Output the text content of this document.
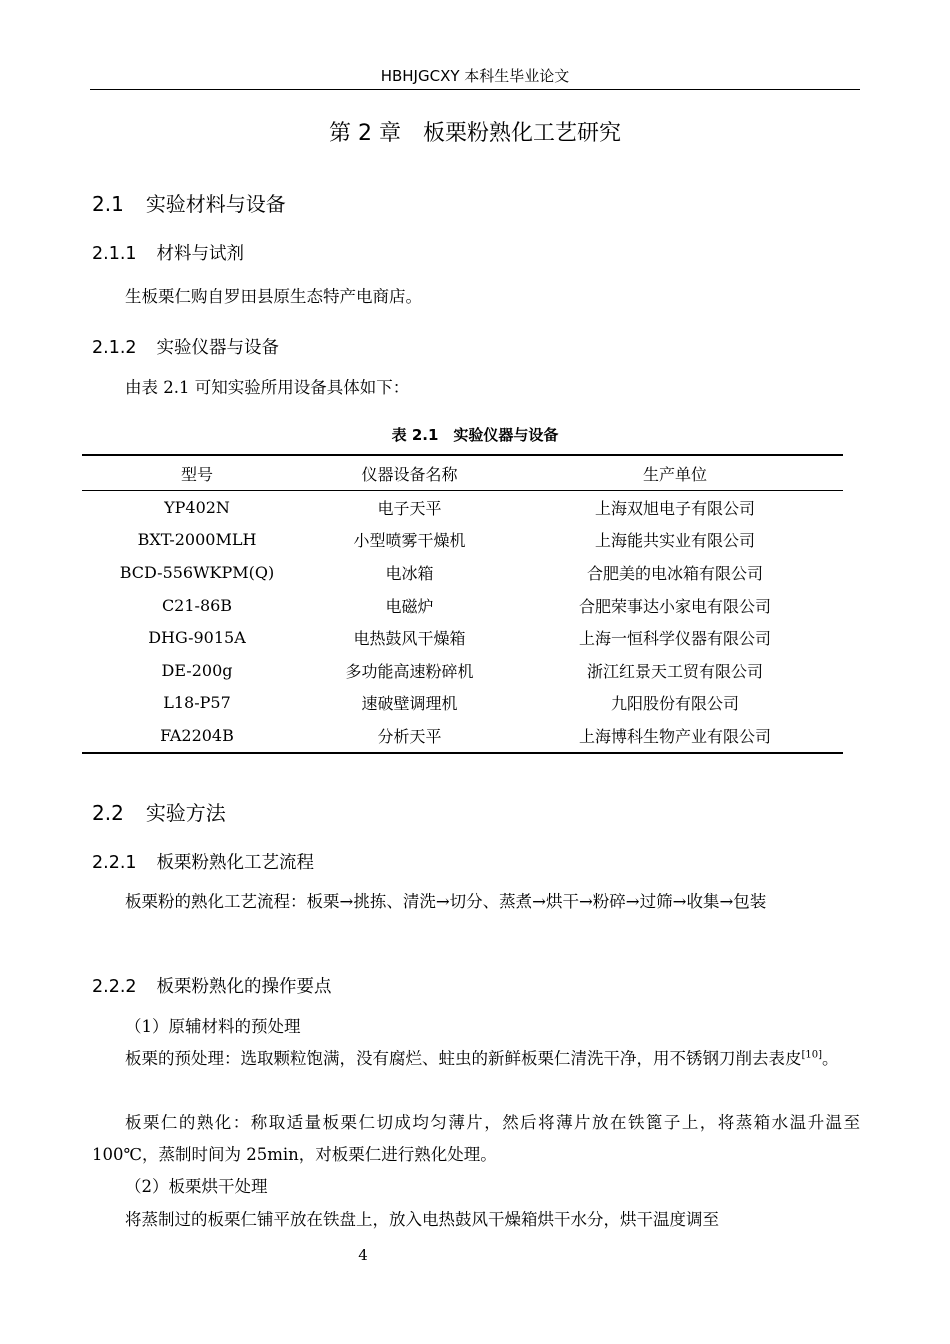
HBHJGCXY 本科生毕业论文
第 2 章　板栗粉熟化工艺研究
2.1 实验材料与设备
2.1.1 材料与试剂
生板栗仁购自罗田县原生态特产电商店。
2.1.2 实验仪器与设备
由表 2.1 可知实验所用设备具体如下：
表 2.1　实验仪器与设备
型号	仪器设备名称	生产单位
YP402N	电子天平	上海双旭电子有限公司
BXT-2000MLH	小型喷雾干燥机	上海能共实业有限公司
BCD-556WKPM(Q)	电冰箱	合肥美的电冰箱有限公司
C21-86B	电磁炉	合肥荣事达小家电有限公司
DHG-9015A	电热鼓风干燥箱	上海一恒科学仪器有限公司
DE-200g	多功能高速粉碎机	浙江红景天工贸有限公司
L18-P57	速破壁调理机	九阳股份有限公司
FA2204B	分析天平	上海博科生物产业有限公司
2.2 实验方法
2.2.1 板栗粉熟化工艺流程
板栗粉的熟化工艺流程：板栗→挑拣、清洗→切分、蒸煮→烘干→粉碎→过筛→收集→包装
2.2.2 板栗粉熟化的操作要点
（1）原辅材料的预处理
板栗的预处理：选取颗粒饱满，没有腐烂、蛀虫的新鲜板栗仁清洗干净，用不锈钢刀削去表皮[10]。
板栗仁的熟化：称取适量板栗仁切成均匀薄片，然后将薄片放在铁篦子上，将蒸箱水温升温至 100℃，蒸制时间为 25min，对板栗仁进行熟化处理。
（2）板栗烘干处理
将蒸制过的板栗仁铺平放在铁盘上，放入电热鼓风干燥箱烘干水分，烘干温度调至
4
